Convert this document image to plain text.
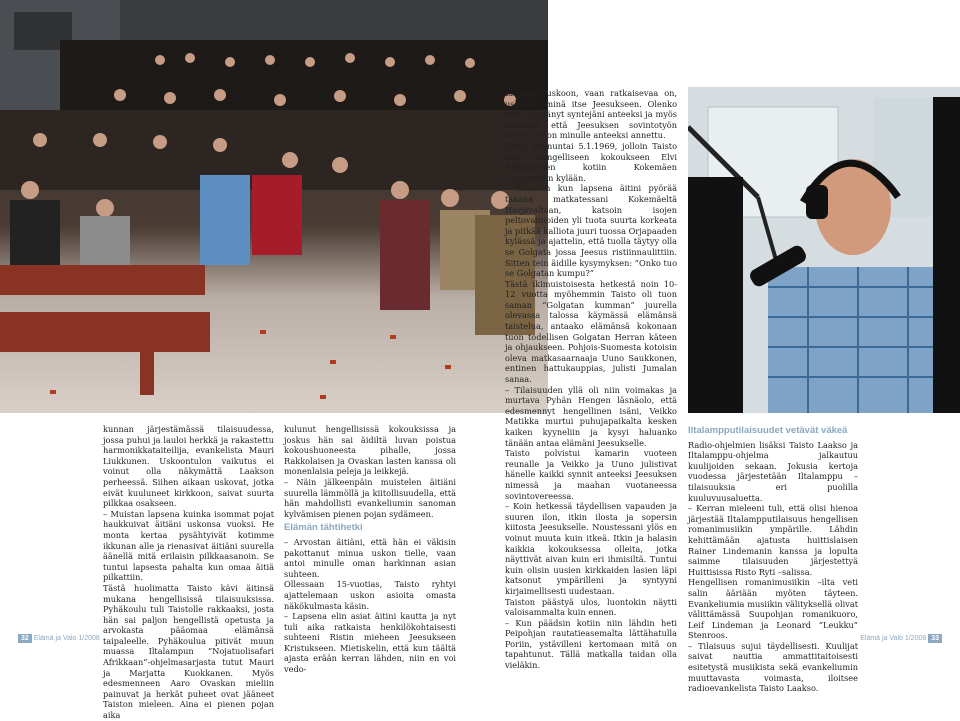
kunnan järjestämässä tilaisuudessa, jossa puhui ja lauloi herkkä ja rakastettu harmonikkataiteilija, evankelista Mauri Liukkunen. Uskoontulon vaikutus ei voinut olla näkymättä Laakson perheessä. Siihen aikaan uskovat, jotka eivät kuuluneet kirkkoon, saivat suurta pilkkaa osakseen.

– Muistan lapsena kuinka isommat pojat haukkuivat äitiäni uskonsa vuoksi. He monta kertaa pysähtyivät kotimme ikkunan alle ja rienasivat äitiäni suurella äänellä mitä erilaisin pilkkaasanoin. Se tuntui lapsesta pahalta kun omaa äitiä pilkattiin.

Tästä huolimatta Taisto kävi äitinsä mukana hengellisissä tilaisuuksissa. Pyhäkoulu tuli Taistolle rakkaaksi, josta hän sai paljon hengellistä opetusta ja arvokasta pääomaa elämänsä taipaleelle. Pyhäkoulua pitivät muun muassa Iltalampun ”Nojatuolisafari Afrikkaan”-ohjelmasarjasta tutut Mauri ja Marjatta Kuokkanen. Myös edesmenneen Aaro Ovaskan mieliin painuvat ja herkät puheet ovat jääneet Taiston mieleen. Aina ei pienen pojan aika

kulunut hengellisissä kokouksissa ja joskus hän sai äidiltä luvan poistua kokoushuoneesta pihalle, jossa Rakkolaisen ja Ovaskan lasten kanssa oli monenlaisia peleja ja leikkejä.

– Näin jälkeenpäin muistelen äitiäni suurella lämmöllä ja kiitollisuudella, että hän mahdollisti evankeliumin sanoman kylvämisen pienen pojan sydämeen.

Elämän tähtihetki

– Arvostan äitiäni, että hän ei väkisin pakottanut minua uskon tielle, vaan antoi minulle oman harkinnan asian suhteen.

Ollessaan 15-vuotias, Taisto ryhtyi ajattelemaan uskon asioita omasta näkökulmasta käsin.

– Lapsena elin asiat äitini kautta ja nyt tuli aika ratkaista henkilökohtaisesti suhteeni Ristin mieheen Jeesukseen Kristukseen. Mietiskelin, että kun täältä ajasta erään kerran lähden, niin en voi vedo-

ta äitini uskoon, vaan ratkaisevaa on, uskonko minä itse Jeesukseen. Olenko minä pyytänyt syntejäni anteeksi ja myös kokenut, että Jeesuksen sovintotyön kautta ne on minulle anteeksi annettu.

Koitti sunnuntai 5.1.1969, jolloin Taisto meni hengelliseen kokoukseen Elvi Rakkolaisen kotiin Kokemäen Orjapaaden kylään.

– Muistan kun lapsena äitini pyörää takana matkatessani Kokemäeltä Harjavaltaan, katsoin isojen peltovainioiden yli tuota suurta korkeata ja pitkää kalliota juuri tuossa Orjapaaden kylässä ja ajattelin, että tuolla täytyy olla se Golgata jossa Jeesus ristiinnaulittiin. Sitten tein äidille kysymyksen: ”Onko tuo se Golgatan kumpu?”

Tästä ikimuistoisesta hetkestä noin 10-12 vuotta myöhemmin Taisto oli tuon saman ”Golgatan kumman” juurella olevassa talossa käymässä elämänsä taistelua, antaako elämänsä kokonaan tuon todellisen Golgatan Herran käteen ja ohjaukseen. Pohjois-Suomesta kotoisin oleva matkasaarnaaja Uuno Saukkonen, entinen hattukauppias, julisti Jumalan sanaa.

– Tilaisuuden yllä oli niin voimakas ja murtava Pyhän Hengen läsnäolo, että edesmennyt hengellinen isäni, Veikko Matikka murtui puhujapaikalta kesken kaiken kyyneliin ja kysyi haluanko tänään antaa elämäni Jeesukselle.

Taisto polvistui kamarin vuoteen reunalle ja Veikko ja Uuno julistivat hänelle kaikki synnit anteeksi Jeesuksen nimessä ja maahan vuotaneessa sovintovereessa.

– Koin hetkessä täydellisen vapauden ja suuren ilon, itkin ilosta ja sopersin kiitosta Jeesukselle. Noustessani ylös en voinut muuta kuin itkeä. Itkin ja halasin kaikkia kokouksessa olleita, jotka näyttivät aivan kuin eri ihmisiltä. Tuntui kuin olisin uusien kirkkaiden lasien läpi katsonut ympärilleni ja syntyyni kirjaimellisesti uudestaan.

Taiston päästyä ulos, luontokin näytti valoisammalta kuin ennen.

– Kun päädsin kotiin niin lähdin heti Peipohjan rautatieasemalta lättähatulla Poriin, ystävilleni kertomaan mitä on tapahtunut. Tällä matkalla taidan olla vieläkin.

Iltalampputilaisuudet vetävät väkeä

Radio-ohjelmien lisäksi Taisto Laakso ja Iltalamppu-ohjelma jalkautuu kuulijoiden sekaan. Jokusia kertoja vuodessa järjestetään Iltalamppu –tilaisuuksia eri puolilla kuuluvuusaluetta.

– Kerran mieleeni tuli, että olisi hienoa järjestää Iltalampputilaisuus hengellisen romanimusiikin ympärille. Lähdin kehittämään ajatusta huittislaisen Rainer Lindemanin kanssa ja lopulta saimme tilaisuuden järjestettyä Huittisissa Risto Ryti –salissa.

Hengellisen romanimusiikin –ilta veti salin ääriään myöten täyteen. Evankeliumia musiikin välityksellä olivat välittämässä Suupohjan romanikuoro, Leif Lindeman ja Leonard ”Leukku” Stenroos.

– Tilaisuus sujui täydellisesti. Kuulijat saivat nauttia ammattitaitoisesti esitetystä musiikista sekä evankeliumin muuttavasta voimasta, iloitsee radioevankelista Taisto Laakso.

32 Elämä ja Valo 1/2008	Elämä ja Valo 1/2008 33
